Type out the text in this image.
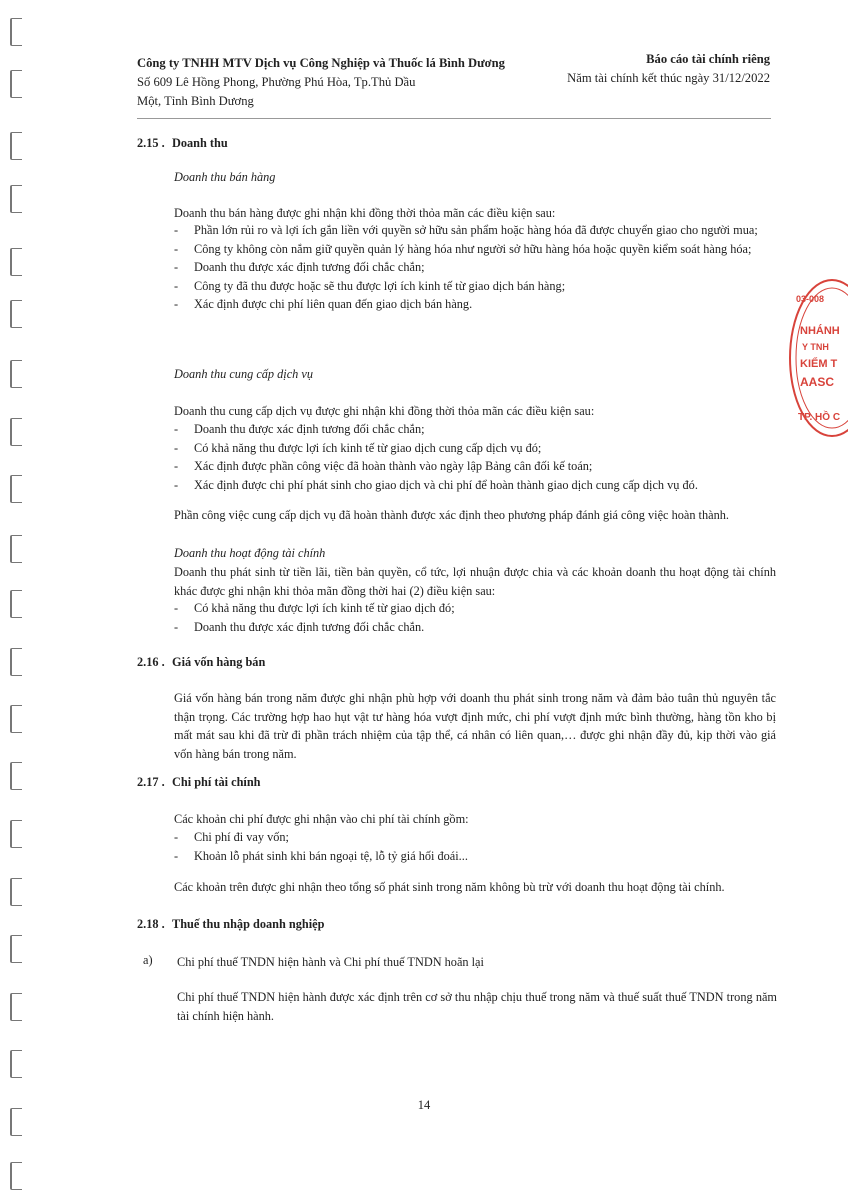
Công ty TNHH MTV Dịch vụ Công Nghiệp và Thuốc lá Bình Dương
Số 609 Lê Hồng Phong, Phường Phú Hòa, Tp.Thủ Dầu
Một, Tỉnh Bình Dương
Báo cáo tài chính riêng
Năm tài chính kết thúc ngày 31/12/2022
2.15 . Doanh thu
Doanh thu bán hàng
Doanh thu bán hàng được ghi nhận khi đồng thời thỏa mãn các điều kiện sau:
- Phần lớn rủi ro và lợi ích gắn liền với quyền sở hữu sản phẩm hoặc hàng hóa đã được chuyển giao cho người mua;
- Công ty không còn nắm giữ quyền quản lý hàng hóa như người sở hữu hàng hóa hoặc quyền kiểm soát hàng hóa;
- Doanh thu được xác định tương đối chắc chắn;
- Công ty đã thu được hoặc sẽ thu được lợi ích kinh tế từ giao dịch bán hàng;
- Xác định được chi phí liên quan đến giao dịch bán hàng.
Doanh thu cung cấp dịch vụ
Doanh thu cung cấp dịch vụ được ghi nhận khi đồng thời thỏa mãn các điều kiện sau:
- Doanh thu được xác định tương đối chắc chắn;
- Có khả năng thu được lợi ích kinh tế từ giao dịch cung cấp dịch vụ đó;
- Xác định được phần công việc đã hoàn thành vào ngày lập Bảng cân đối kế toán;
- Xác định được chi phí phát sinh cho giao dịch và chi phí để hoàn thành giao dịch cung cấp dịch vụ đó.
Phần công việc cung cấp dịch vụ đã hoàn thành được xác định theo phương pháp đánh giá công việc hoàn thành.
Doanh thu hoạt động tài chính
Doanh thu phát sinh từ tiền lãi, tiền bản quyền, cổ tức, lợi nhuận được chia và các khoản doanh thu hoạt động tài chính khác được ghi nhận khi thỏa mãn đồng thời hai (2) điều kiện sau:
- Có khả năng thu được lợi ích kinh tế từ giao dịch đó;
- Doanh thu được xác định tương đối chắc chắn.
2.16 . Giá vốn hàng bán
Giá vốn hàng bán trong năm được ghi nhận phù hợp với doanh thu phát sinh trong năm và đảm bảo tuân thủ nguyên tắc thận trọng. Các trường hợp hao hụt vật tư hàng hóa vượt định mức, chi phí vượt định mức bình thường, hàng tồn kho bị mất mát sau khi đã trừ đi phần trách nhiệm của tập thể, cá nhân có liên quan,… được ghi nhận đầy đủ, kịp thời vào giá vốn hàng bán trong năm.
2.17 . Chi phí tài chính
Các khoản chi phí được ghi nhận vào chi phí tài chính gồm:
- Chi phí đi vay vốn;
- Khoản lỗ phát sinh khi bán ngoại tệ, lỗ tỷ giá hối đoái...
Các khoản trên được ghi nhận theo tổng số phát sinh trong năm không bù trừ với doanh thu hoạt động tài chính.
2.18 . Thuế thu nhập doanh nghiệp
a) Chi phí thuế TNDN hiện hành và Chi phí thuế TNDN hoãn lại
Chi phí thuế TNDN hiện hành được xác định trên cơ sở thu nhập chịu thuế trong năm và thuế suất thuế TNDN trong năm tài chính hiện hành.
14
03-008
NHÁNH
Y TNH
KIỂM T
AASC
TP. HỒ C
